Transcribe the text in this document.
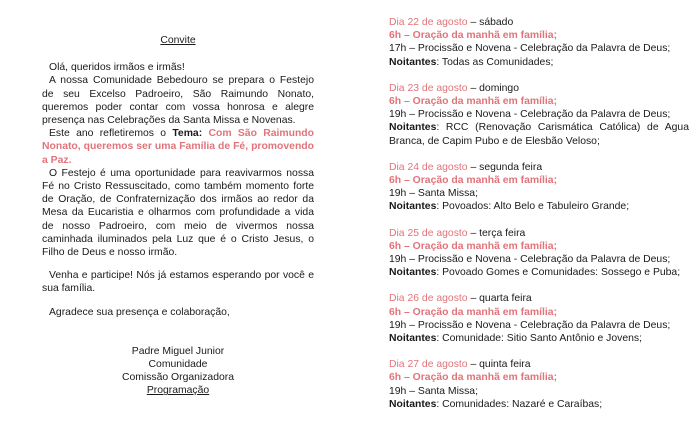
Convite

Olá, queridos irmãos e irmãs!

A nossa Comunidade Bebedouro se prepara o Festejo de seu Excelso Padroeiro, São Raimundo Nonato, queremos poder contar com vossa honrosa e alegre presença nas Celebrações da Santa Missa e Novenas.

Este ano refletiremos o Tema: Com São Raimundo Nonato, queremos ser uma Família de Fé, promovendo a Paz.

O Festejo é uma oportunidade para reavivarmos nossa Fé no Cristo Ressuscitado, como também momento forte de Oração, de Confraternização dos irmãos ao redor da Mesa da Eucaristia e olharmos com profundidade a vida de nosso Padroeiro, com meio de vivermos nossa caminhada iluminados pela Luz que é o Cristo Jesus, o Filho de Deus e nosso irmão.

Venha e participe! Nós já estamos esperando por você e sua família.

Agradece sua presença e colaboração,

Padre Miguel Junior
Comunidade
Comissão Organizadora
Programação
Dia 22 de agosto – sábado
6h – Oração da manhã em família;
17h – Procissão e Novena - Celebração da Palavra de Deus;
Noitantes: Todas as Comunidades;
Dia 23 de agosto – domingo
6h – Oração da manhã em família;
19h – Procissão e Novena - Celebração da Palavra de Deus;
Noitantes: RCC (Renovação Carismática Católica) de Agua Branca, de Capim Pubo e de Elesbão Veloso;
Dia 24 de agosto – segunda feira
6h – Oração da manhã em família;
19h – Santa Missa;
Noitantes: Povoados: Alto Belo e Tabuleiro Grande;
Dia 25 de agosto – terça feira
6h – Oração da manhã em família;
19h – Procissão e Novena - Celebração da Palavra de Deus;
Noitantes: Povoado Gomes e Comunidades: Sossego e Puba;
Dia 26 de agosto – quarta feira
6h – Oração da manhã em família;
19h – Procissão e Novena - Celebração da Palavra de Deus;
Noitantes: Comunidade: Sitio Santo Antônio e Jovens;
Dia 27 de agosto – quinta feira
6h – Oração da manhã em família;
19h – Santa Missa;
Noitantes: Comunidades: Nazaré e Caraíbas;
